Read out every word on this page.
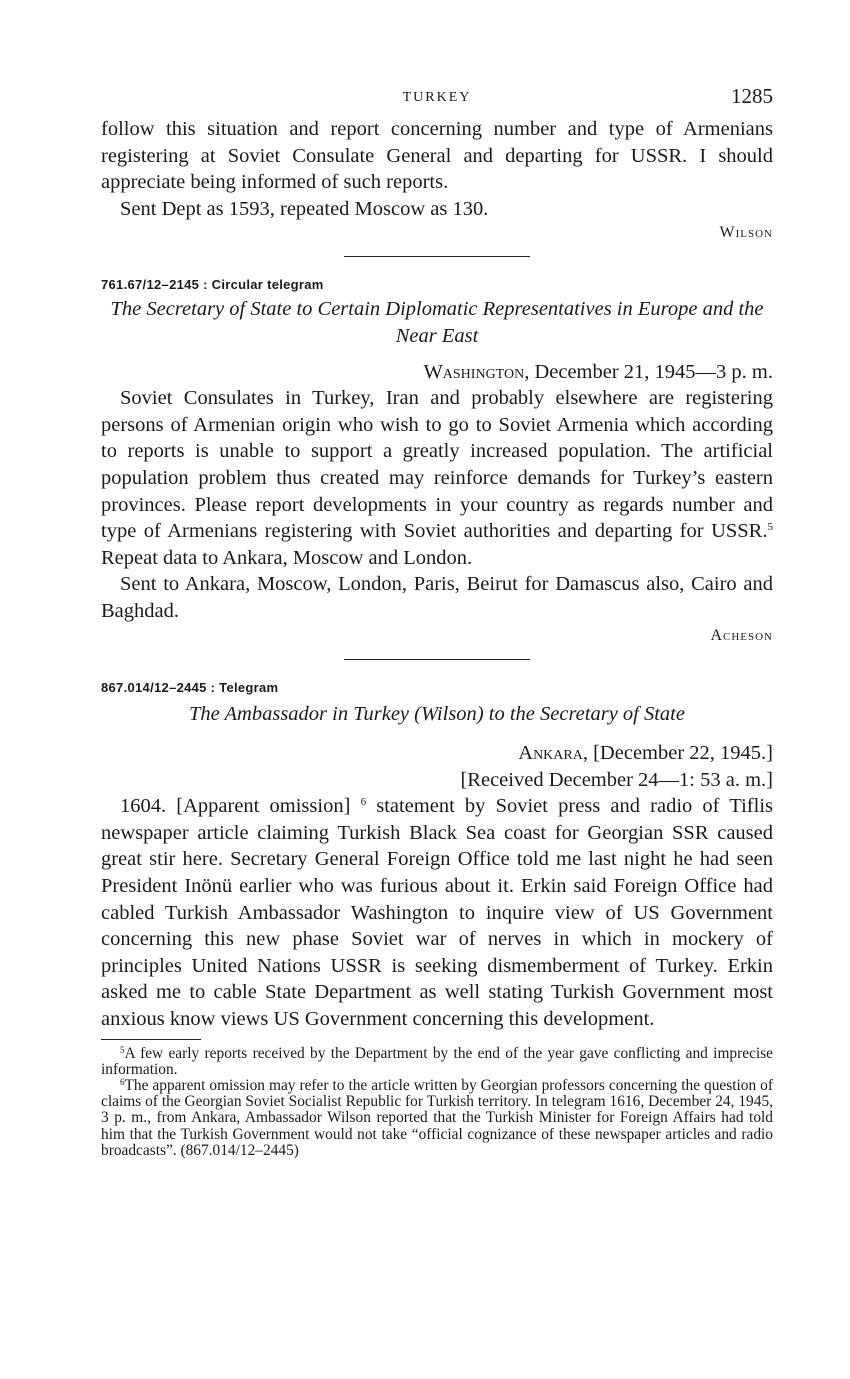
TURKEY	1285

follow this situation and report concerning number and type of Armenians registering at Soviet Consulate General and departing for USSR. I should appreciate being informed of such reports.

Sent Dept as 1593, repeated Moscow as 130.

Wilson
761.67/12–2145 : Circular telegram
The Secretary of State to Certain Diplomatic Representatives in Europe and the Near East
Washington, December 21, 1945—3 p. m.

Soviet Consulates in Turkey, Iran and probably elsewhere are registering persons of Armenian origin who wish to go to Soviet Armenia which according to reports is unable to support a greatly increased population. The artificial population problem thus created may reinforce demands for Turkey’s eastern provinces. Please report developments in your country as regards number and type of Armenians registering with Soviet authorities and departing for USSR.$^5$ Repeat data to Ankara, Moscow and London.

Sent to Ankara, Moscow, London, Paris, Beirut for Damascus also, Cairo and Baghdad.

Acheson
867.014/12–2445 : Telegram
The Ambassador in Turkey (Wilson) to the Secretary of State
Ankara, [December 22, 1945.]
[Received December 24—1: 53 a. m.]

1604. [Apparent omission] $^6$ statement by Soviet press and radio of Tiflis newspaper article claiming Turkish Black Sea coast for Georgian SSR caused great stir here. Secretary General Foreign Office told me last night he had seen President Inönü earlier who was furious about it. Erkin said Foreign Office had cabled Turkish Ambassador Washington to inquire view of US Government concerning this new phase Soviet war of nerves in which in mockery of principles United Nations USSR is seeking dismemberment of Turkey. Erkin asked me to cable State Department as well stating Turkish Government most anxious know views US Government concerning this development.

$^5$A few early reports received by the Department by the end of the year gave conflicting and imprecise information.

$^6$The apparent omission may refer to the article written by Georgian professors concerning the question of claims of the Georgian Soviet Socialist Republic for Turkish territory. In telegram 1616, December 24, 1945, 3 p. m., from Ankara, Ambassador Wilson reported that the Turkish Minister for Foreign Affairs had told him that the Turkish Government would not take “official cognizance of these newspaper articles and radio broadcasts”. (867.014/12–2445)
